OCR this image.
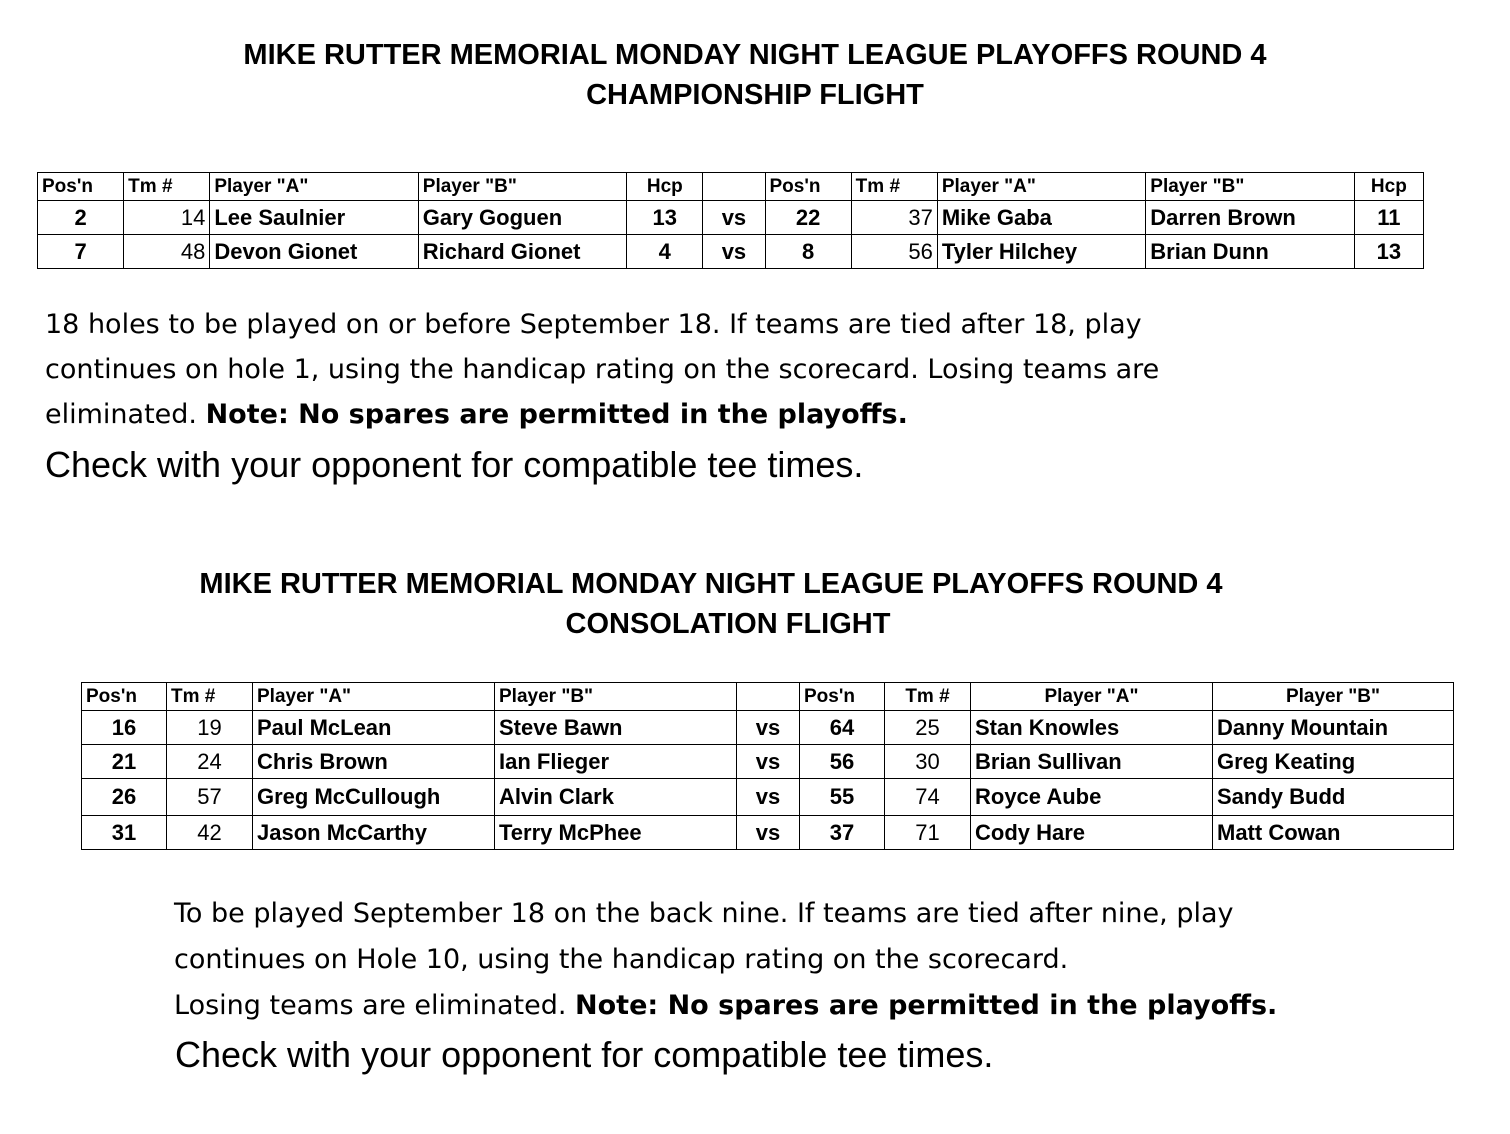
MIKE RUTTER MEMORIAL MONDAY NIGHT LEAGUE PLAYOFFS ROUND 4
CHAMPIONSHIP FLIGHT
Pos'n	Tm #	Player "A"	Player "B"	Hcp		Pos'n	Tm #	Player "A"	Player "B"	Hcp
2	14	Lee Saulnier	Gary Goguen	13	vs	22	37	Mike Gaba	Darren Brown	11
7	48	Devon Gionet	Richard Gionet	4	vs	8	56	Tyler Hilchey	Brian Dunn	13

18 holes to be played on or before September 18. If teams are tied after 18, play

continues on hole 1, using the handicap rating on the scorecard. Losing teams are

eliminated. Note: No spares are permitted in the playoffs.

Check with your opponent for compatible tee times.
MIKE RUTTER MEMORIAL MONDAY NIGHT LEAGUE PLAYOFFS ROUND 4
CONSOLATION FLIGHT
Pos'n	Tm #	Player "A"	Player "B"		Pos'n	Tm #	Player "A"	Player "B"
16	19	Paul McLean	Steve Bawn	vs	64	25	Stan Knowles	Danny Mountain
21	24	Chris Brown	Ian Flieger	vs	56	30	Brian Sullivan	Greg Keating
26	57	Greg McCullough	Alvin Clark	vs	55	74	Royce Aube	Sandy Budd
31	42	Jason McCarthy	Terry McPhee	vs	37	71	Cody Hare	Matt Cowan

To be played September 18 on the back nine. If teams are tied after nine, play

continues on Hole 10, using the handicap rating on the scorecard.

Losing teams are eliminated. Note: No spares are permitted in the playoffs.

Check with your opponent for compatible tee times.
